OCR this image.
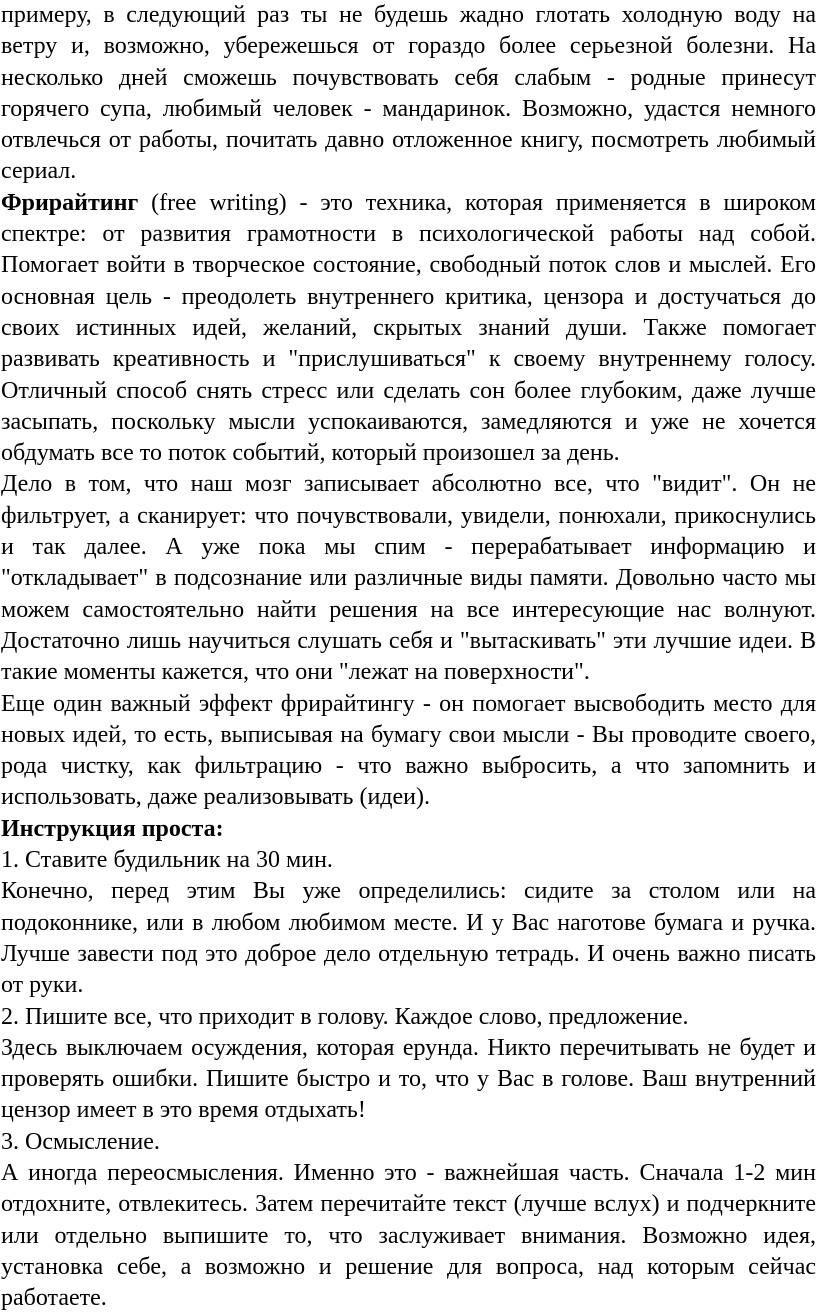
примеру, в следующий раз ты не будешь жадно глотать холодную воду на ветру и, возможно, убережешься от гораздо более серьезной болезни. На несколько дней сможешь почувствовать себя слабым - родные принесут горячего супа, любимый человек - мандаринок. Возможно, удастся немного отвлечься от работы, почитать давно отложенное книгу, посмотреть любимый сериал.

Фрирайтинг (free writing) - это техника, которая применяется в широком спектре: от развития грамотности в психологической работы над собой. Помогает войти в творческое состояние, свободный поток слов и мыслей. Его основная цель - преодолеть внутреннего критика, цензора и достучаться до своих истинных идей, желаний, скрытых знаний души. Также помогает развивать креативность и "прислушиваться" к своему внутреннему голосу. Отличный способ снять стресс или сделать сон более глубоким, даже лучше засыпать, поскольку мысли успокаиваются, замедляются и уже не хочется обдумать все то поток событий, который произошел за день.

Дело в том, что наш мозг записывает абсолютно все, что "видит". Он не фильтрует, а сканирует: что почувствовали, увидели, понюхали, прикоснулись и так далее. А уже пока мы спим - перерабатывает информацию и "откладывает" в подсознание или различные виды памяти. Довольно часто мы можем самостоятельно найти решения на все интересующие нас волнуют. Достаточно лишь научиться слушать себя и "вытаскивать" эти лучшие идеи. В такие моменты кажется, что они "лежат на поверхности".

Еще один важный эффект фрирайтингу - он помогает высвободить место для новых идей, то есть, выписывая на бумагу свои мысли - Вы проводите своего, рода чистку, как фильтрацию - что важно выбросить, а что запомнить и использовать, даже реализовывать (идеи).

Инструкция проста:

1. Ставите будильник на 30 мин.

Конечно, перед этим Вы уже определились: сидите за столом или на подоконнике, или в любом любимом месте. И у Вас наготове бумага и ручка. Лучше завести под это доброе дело отдельную тетрадь. И очень важно писать от руки.

2. Пишите все, что приходит в голову. Каждое слово, предложение.

Здесь выключаем осуждения, которая ерунда. Никто перечитывать не будет и проверять ошибки. Пишите быстро и то, что у Вас в голове. Ваш внутренний цензор имеет в это время отдыхать!

3. Осмысление.

А иногда переосмысления. Именно это - важнейшая часть. Сначала 1-2 мин отдохните, отвлекитесь. Затем перечитайте текст (лучше вслух) и подчеркните или отдельно выпишите то, что заслуживает внимания. Возможно идея, установка себе, а возможно и решение для вопроса, над которым сейчас работаете.
